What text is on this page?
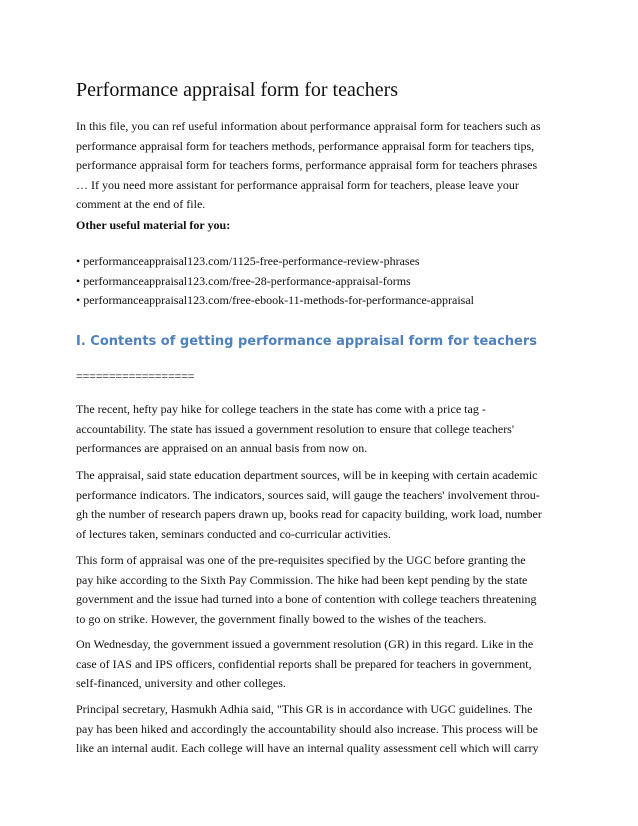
Performance appraisal form for teachers

In this file, you can ref useful information about performance appraisal form for teachers such as
performance appraisal form for teachers methods, performance appraisal form for teachers tips,
performance appraisal form for teachers forms, performance appraisal form for teachers phrases
… If you need more assistant for performance appraisal form for teachers, please leave your
comment at the end of file.

Other useful material for you:

• performanceappraisal123.com/1125-free-performance-review-phrases
• performanceappraisal123.com/free-28-performance-appraisal-forms
• performanceappraisal123.com/free-ebook-11-methods-for-performance-appraisal

I. Contents of getting performance appraisal form for teachers

==================

The recent, hefty pay hike for college teachers in the state has come with a price tag -
accountability. The state has issued a government resolution to ensure that college teachers'
performances are appraised on an annual basis from now on.

The appraisal, said state education department sources, will be in keeping with certain academic
performance indicators. The indicators, sources said, will gauge the teachers' involvement throu-
gh the number of research papers drawn up, books read for capacity building, work load, number
of lectures taken, seminars conducted and co-curricular activities.

This form of appraisal was one of the pre-requisites specified by the UGC before granting the
pay hike according to the Sixth Pay Commission. The hike had been kept pending by the state
government and the issue had turned into a bone of contention with college teachers threatening
to go on strike. However, the government finally bowed to the wishes of the teachers.

On Wednesday, the government issued a government resolution (GR) in this regard. Like in the
case of IAS and IPS officers, confidential reports shall be prepared for teachers in government,
self-financed, university and other colleges.

Principal secretary, Hasmukh Adhia said, "This GR is in accordance with UGC guidelines. The
pay has been hiked and accordingly the accountability should also increase. This process will be
like an internal audit. Each college will have an internal quality assessment cell which will carry
